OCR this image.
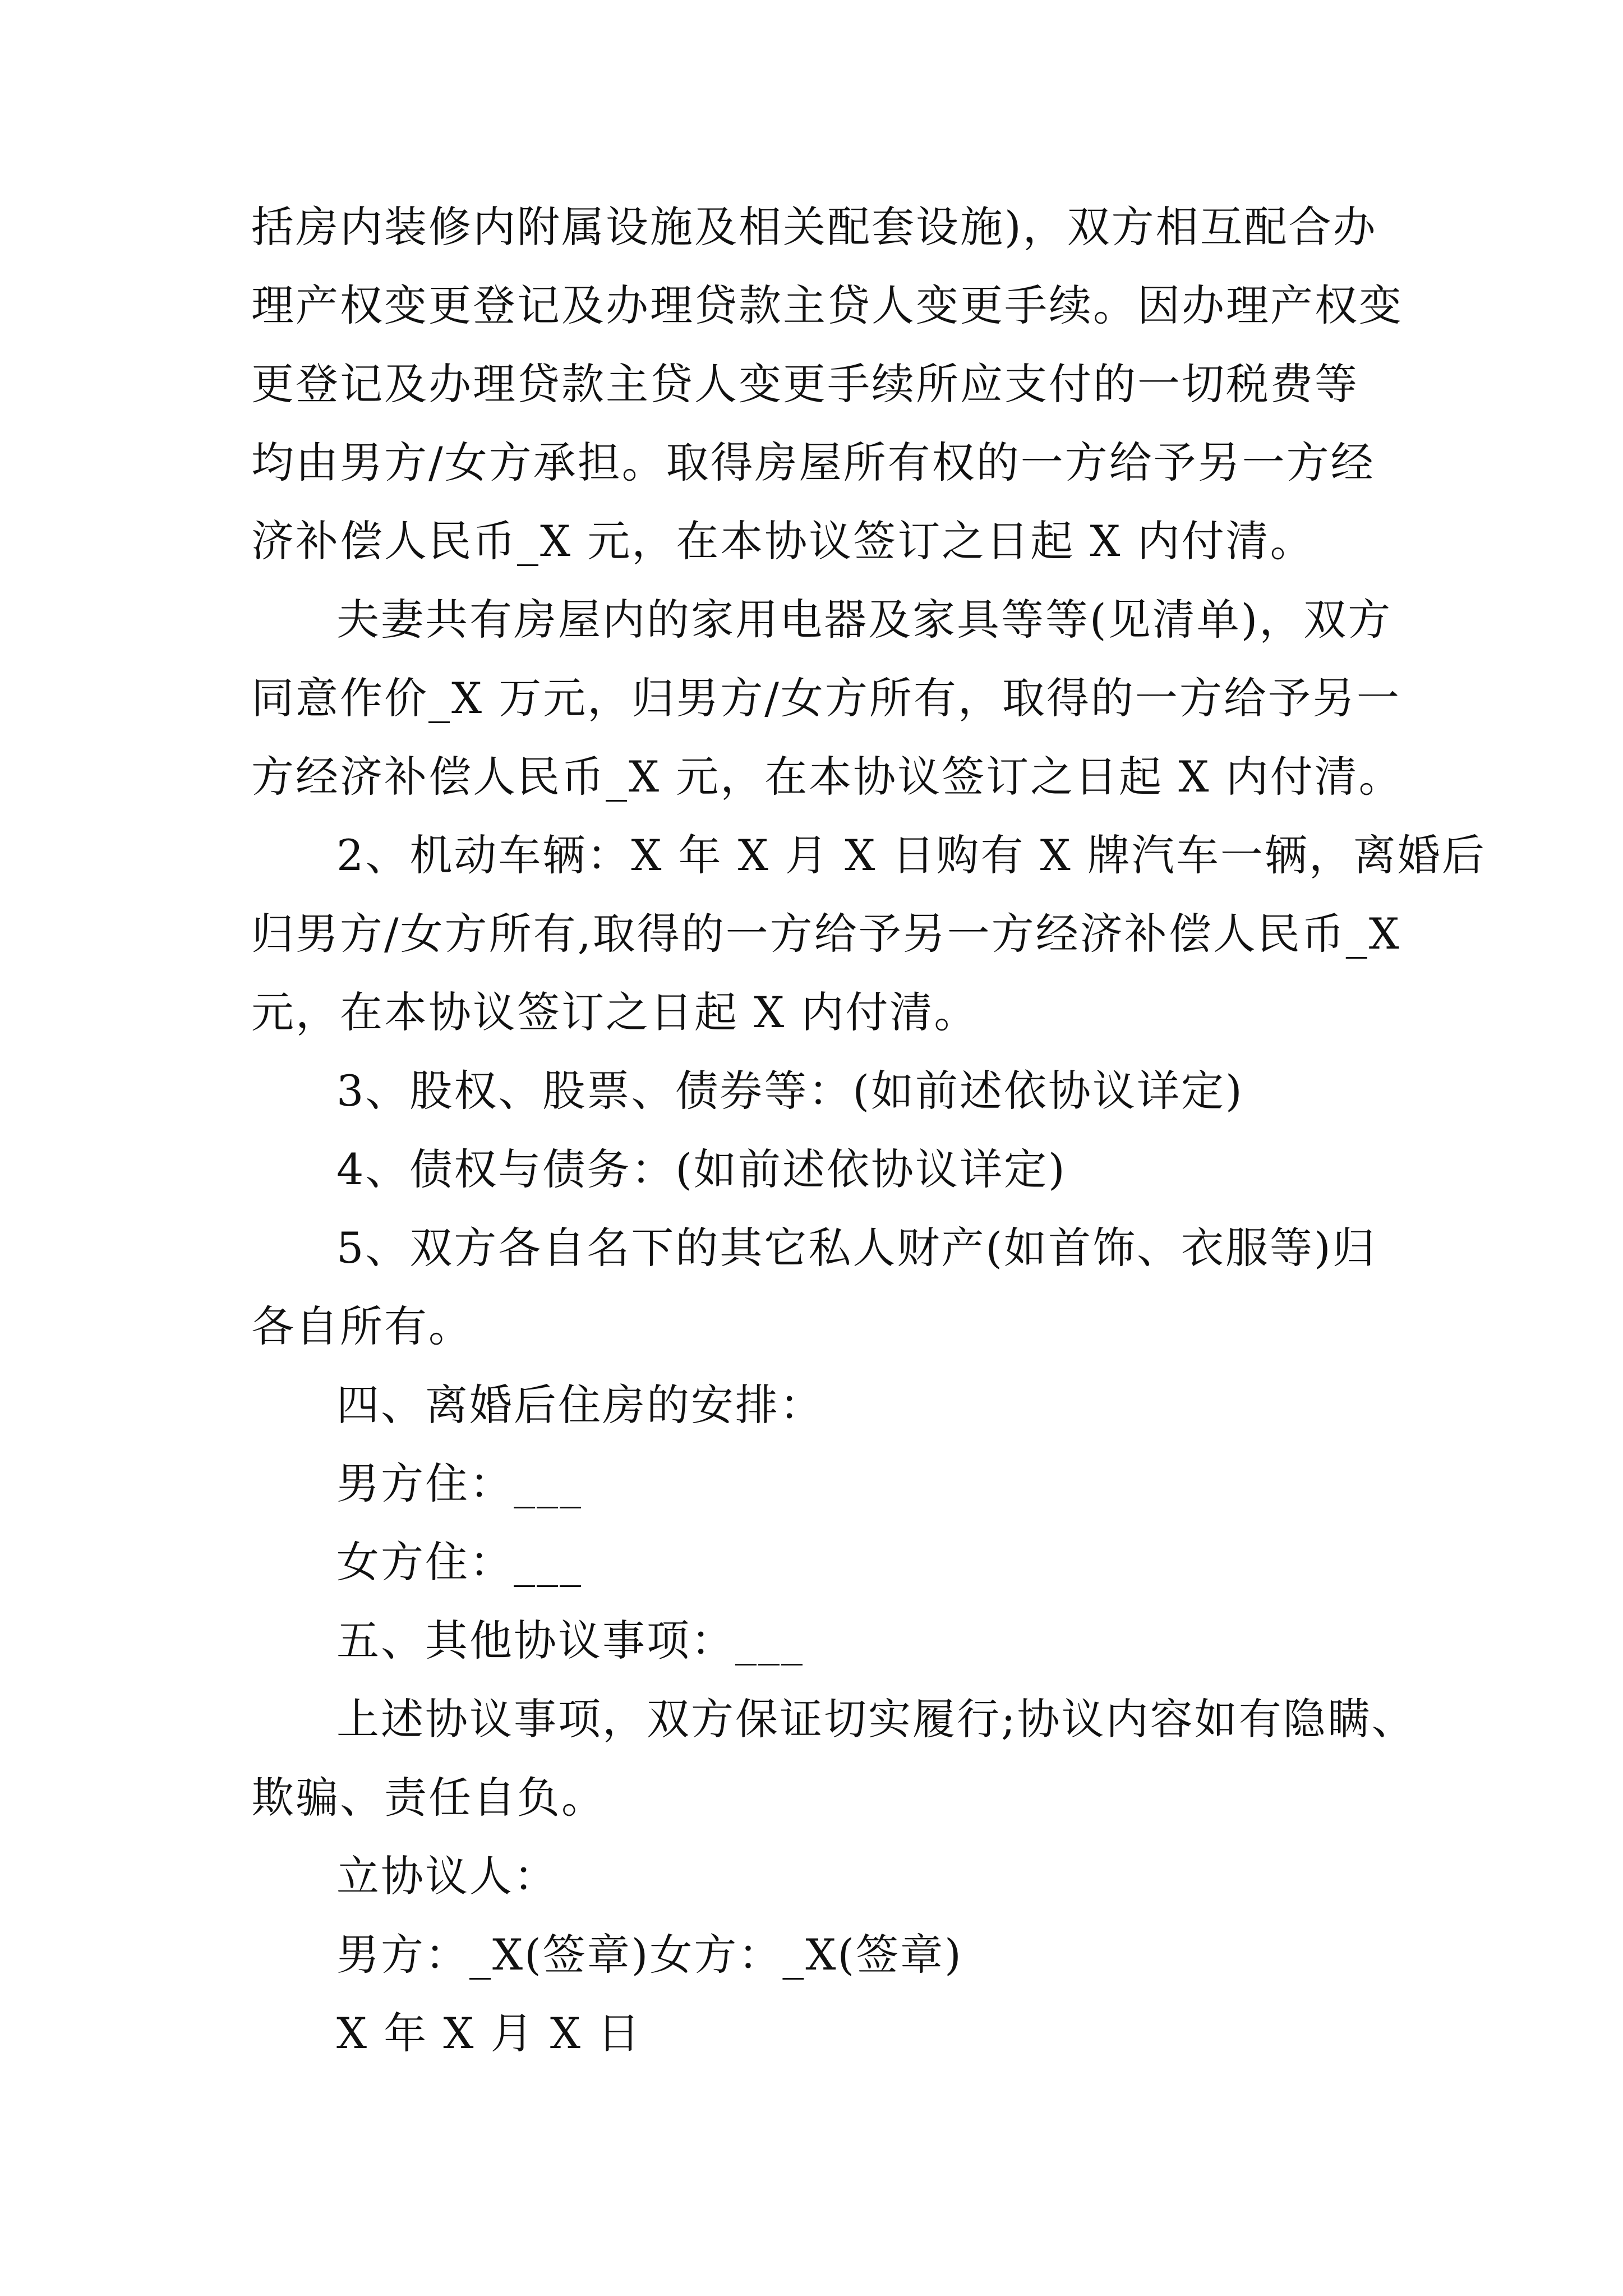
括房内装修内附属设施及相关配套设施)，双方相互配合办
理产权变更登记及办理贷款主贷人变更手续。因办理产权变
更登记及办理贷款主贷人变更手续所应支付的一切税费等
均由男方/女方承担。取得房屋所有权的一方给予另一方经
济补偿人民币_X 元，在本协议签订之日起 X 内付清。
夫妻共有房屋内的家用电器及家具等等(见清单)，双方
同意作价_X 万元，归男方/女方所有，取得的一方给予另一
方经济补偿人民币_X 元，在本协议签订之日起 X 内付清。
2、机动车辆：X 年 X 月 X 日购有 X 牌汽车一辆，离婚后
归男方/女方所有,取得的一方给予另一方经济补偿人民币_X
元，在本协议签订之日起 X 内付清。
3、股权、股票、债券等：(如前述依协议详定)
4、债权与债务：(如前述依协议详定)
5、双方各自名下的其它私人财产(如首饰、衣服等)归
各自所有。
四、离婚后住房的安排：
男方住：___
女方住：___
五、其他协议事项：___
上述协议事项，双方保证切实履行;协议内容如有隐瞒、
欺骗、责任自负。
立协议人：
男方：_X(签章)女方：_X(签章)
X 年 X 月 X 日
